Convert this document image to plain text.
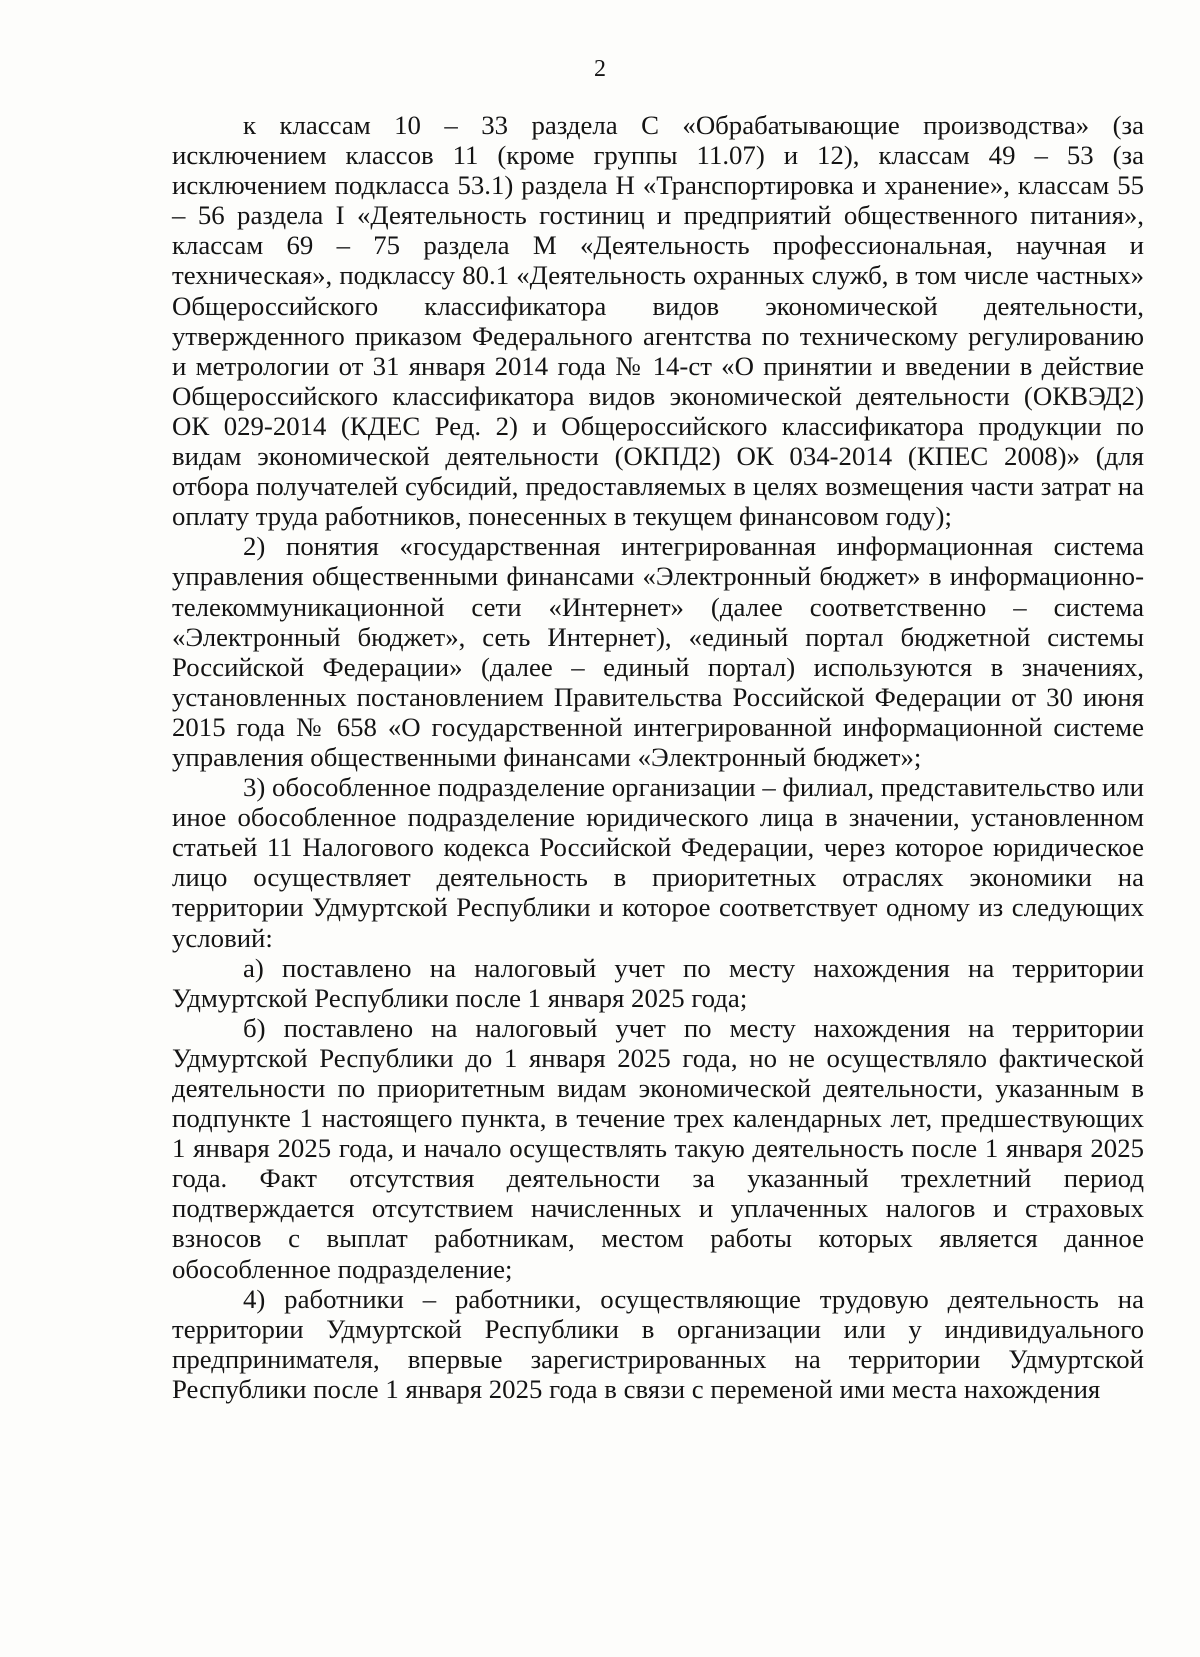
2

к классам 10 – 33 раздела C «Обрабатывающие производства» (за исключением классов 11 (кроме группы 11.07) и 12), классам 49 – 53 (за исключением подкласса 53.1) раздела H «Транспортировка и хранение», классам 55 – 56 раздела I «Деятельность гостиниц и предприятий общественного питания», классам 69 – 75 раздела M «Деятельность профессиональная, научная и техническая», подклассу 80.1 «Деятельность охранных служб, в том числе частных» Общероссийского классификатора видов экономической деятельности, утвержденного приказом Федерального агентства по техническому регулированию и метрологии от 31 января 2014 года № 14-ст «О принятии и введении в действие Общероссийского классификатора видов экономической деятельности (ОКВЭД2) ОК 029-2014 (КДЕС Ред. 2) и Общероссийского классификатора продукции по видам экономической деятельности (ОКПД2) ОК 034-2014 (КПЕС 2008)» (для отбора получателей субсидий, предоставляемых в целях возмещения части затрат на оплату труда работников, понесенных в текущем финансовом году);

2) понятия «государственная интегрированная информационная система управления общественными финансами «Электронный бюджет» в информационно-телекоммуникационной сети «Интернет» (далее соответственно – система «Электронный бюджет», сеть Интернет), «единый портал бюджетной системы Российской Федерации» (далее – единый портал) используются в значениях, установленных постановлением Правительства Российской Федерации от 30 июня 2015 года № 658 «О государственной интегрированной информационной системе управления общественными финансами «Электронный бюджет»;

3) обособленное подразделение организации – филиал, представительство или иное обособленное подразделение юридического лица в значении, установленном статьей 11 Налогового кодекса Российской Федерации, через которое юридическое лицо осуществляет деятельность в приоритетных отраслях экономики на территории Удмуртской Республики и которое соответствует одному из следующих условий:

а) поставлено на налоговый учет по месту нахождения на территории Удмуртской Республики после 1 января 2025 года;

б) поставлено на налоговый учет по месту нахождения на территории Удмуртской Республики до 1 января 2025 года, но не осуществляло фактической деятельности по приоритетным видам экономической деятельности, указанным в подпункте 1 настоящего пункта, в течение трех календарных лет, предшествующих 1 января 2025 года, и начало осуществлять такую деятельность после 1 января 2025 года. Факт отсутствия деятельности за указанный трехлетний период подтверждается отсутствием начисленных и уплаченных налогов и страховых взносов с выплат работникам, местом работы которых является данное обособленное подразделение;

4) работники – работники, осуществляющие трудовую деятельность на территории Удмуртской Республики в организации или у индивидуального предпринимателя, впервые зарегистрированных на территории Удмуртской Республики после 1 января 2025 года в связи с переменой ими места нахождения
